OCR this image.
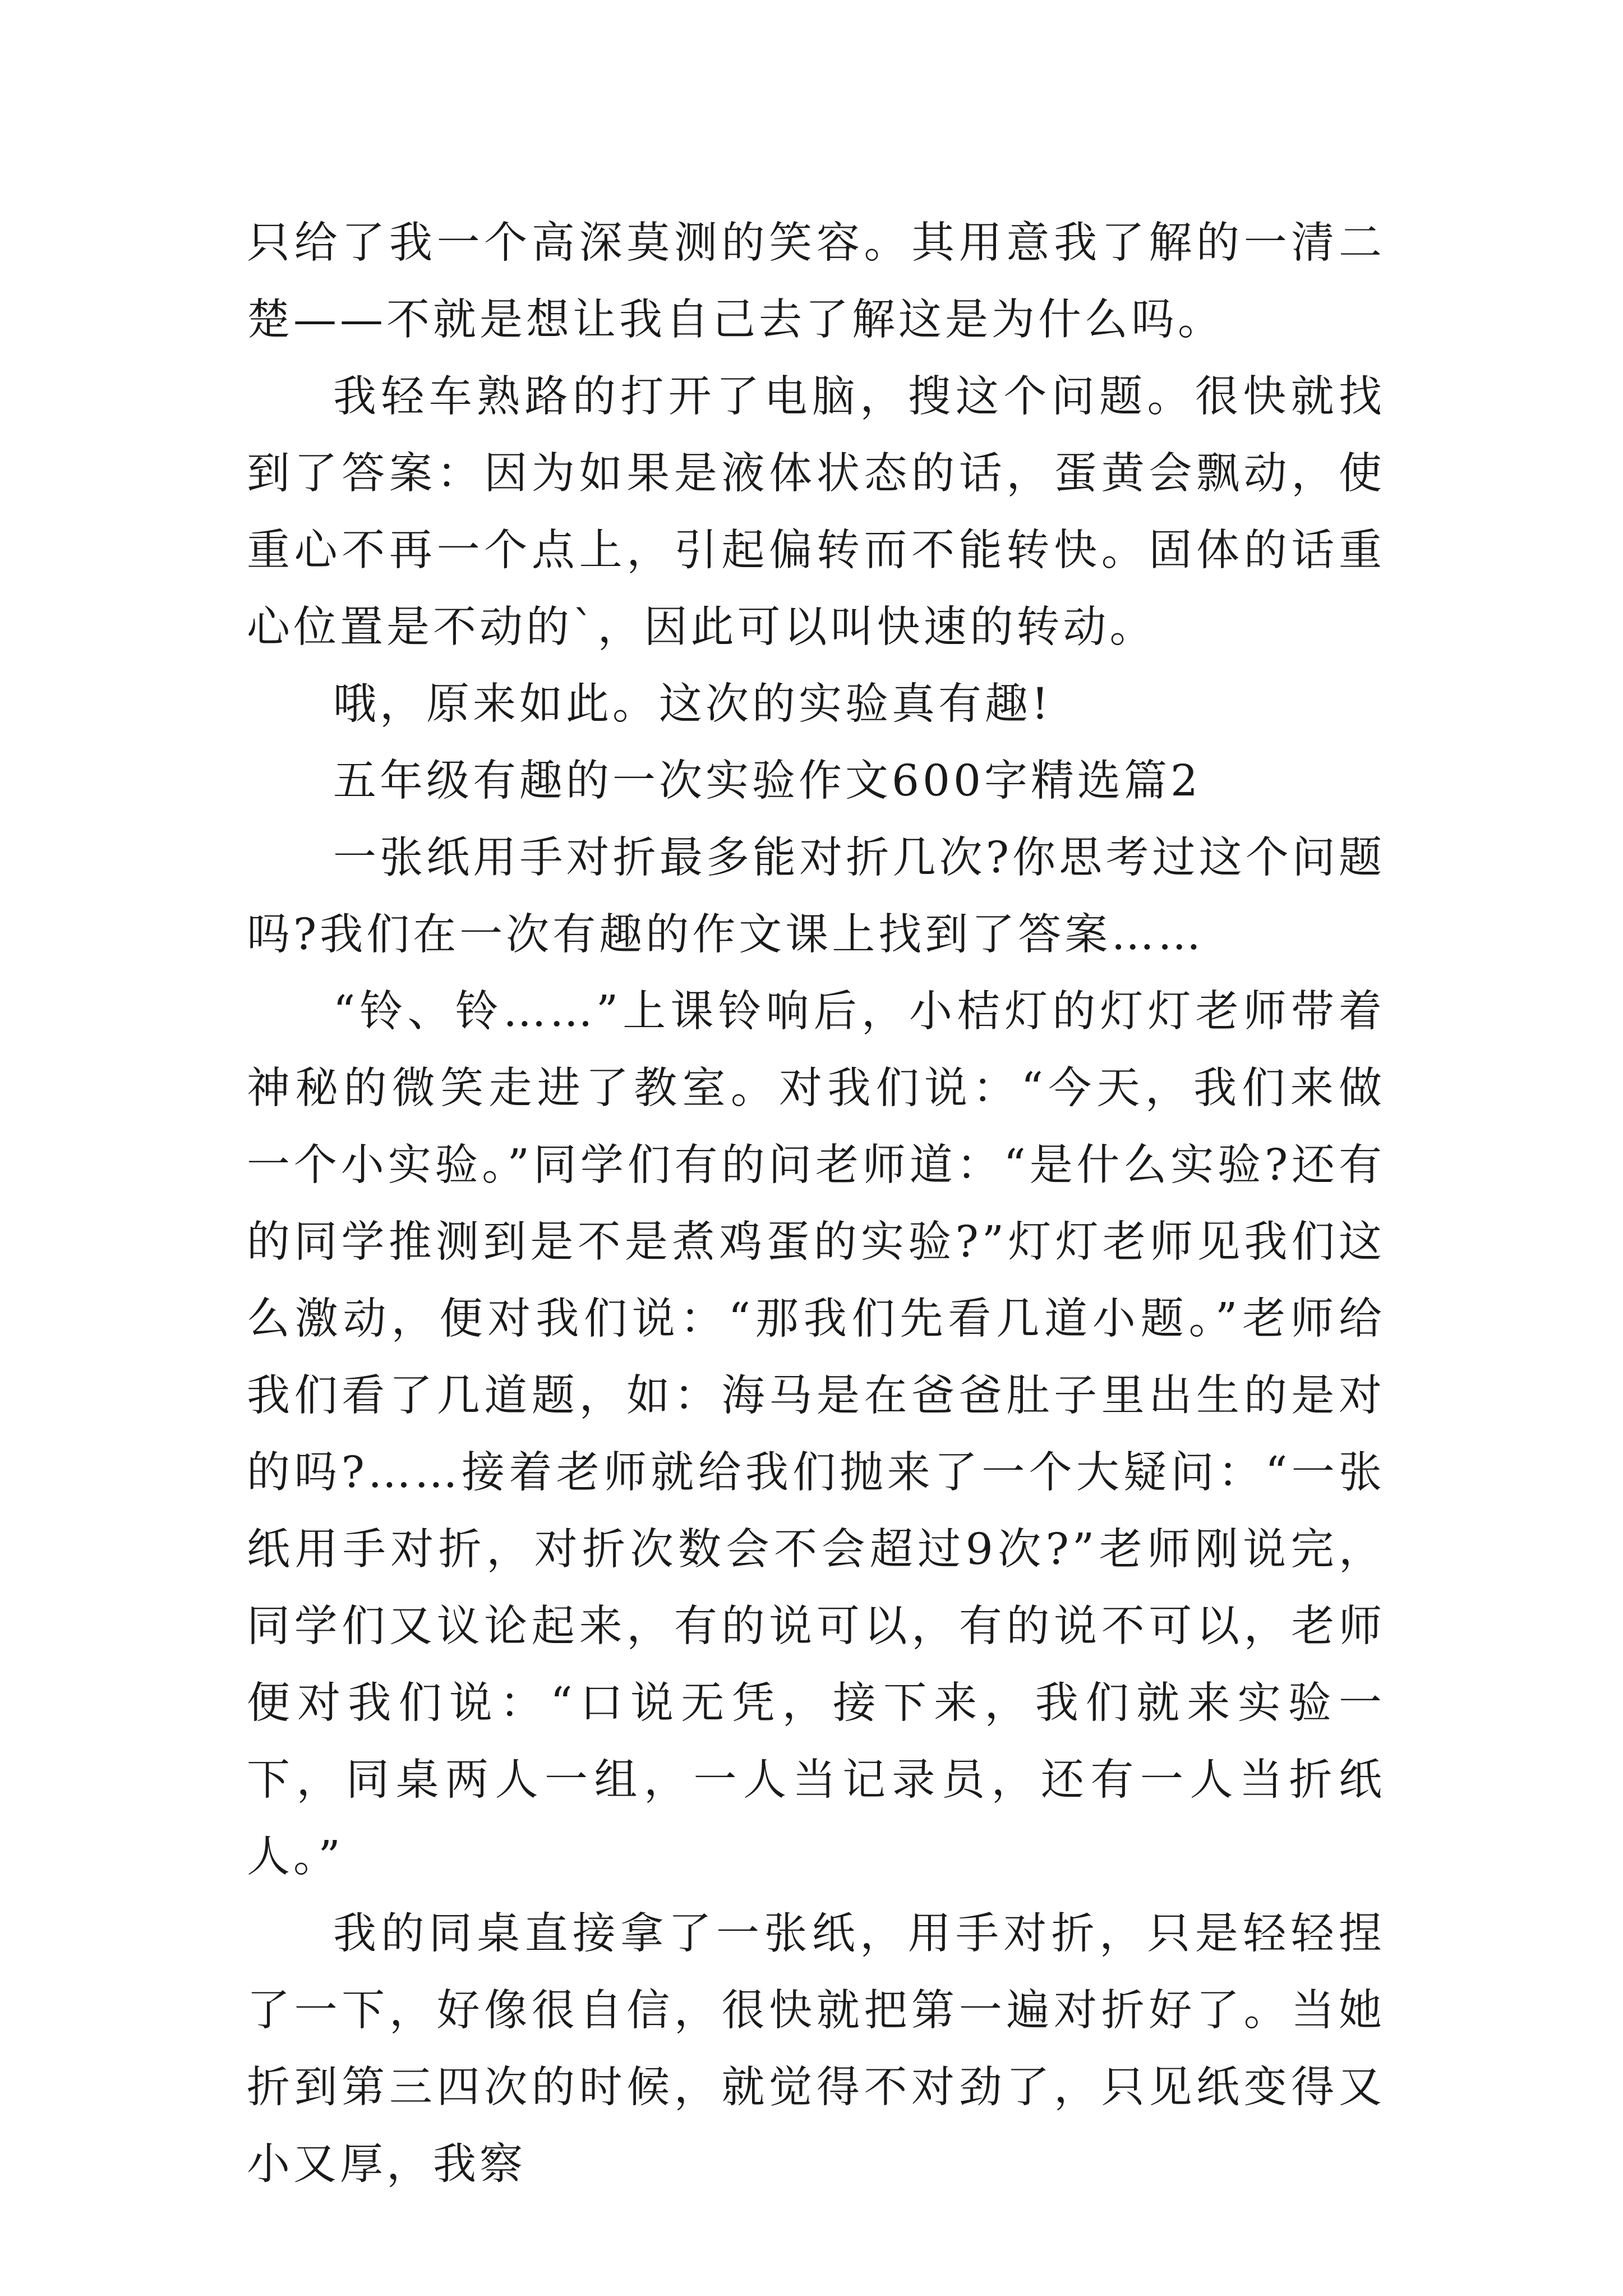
只给了我一个高深莫测的笑容。其用意我了解的一清二楚——不就是想让我自己去了解这是为什么吗。

我轻车熟路的打开了电脑，搜这个问题。很快就找到了答案：因为如果是液体状态的话，蛋黄会飘动，使重心不再一个点上，引起偏转而不能转快。固体的话重心位置是不动的`，因此可以叫快速的转动。

哦，原来如此。这次的实验真有趣!

五年级有趣的一次实验作文600字精选篇2

一张纸用手对折最多能对折几次?你思考过这个问题吗?我们在一次有趣的作文课上找到了答案……

“铃、铃……”上课铃响后，小桔灯的灯灯老师带着神秘的微笑走进了教室。对我们说：“今天，我们来做一个小实验。”同学们有的问老师道：“是什么实验?还有的同学推测到是不是煮鸡蛋的实验?”灯灯老师见我们这么激动，便对我们说：“那我们先看几道小题。”老师给我们看了几道题，如：海马是在爸爸肚子里出生的是对的吗?……接着老师就给我们抛来了一个大疑问：“一张纸用手对折，对折次数会不会超过9次?”老师刚说完，同学们又议论起来，有的说可以，有的说不可以，老师便对我们说：“口说无凭，接下来，我们就来实验一下，同桌两人一组，一人当记录员，还有一人当折纸人。”

我的同桌直接拿了一张纸，用手对折，只是轻轻捏了一下，好像很自信，很快就把第一遍对折好了。当她折到第三四次的时候，就觉得不对劲了，只见纸变得又小又厚，我察
